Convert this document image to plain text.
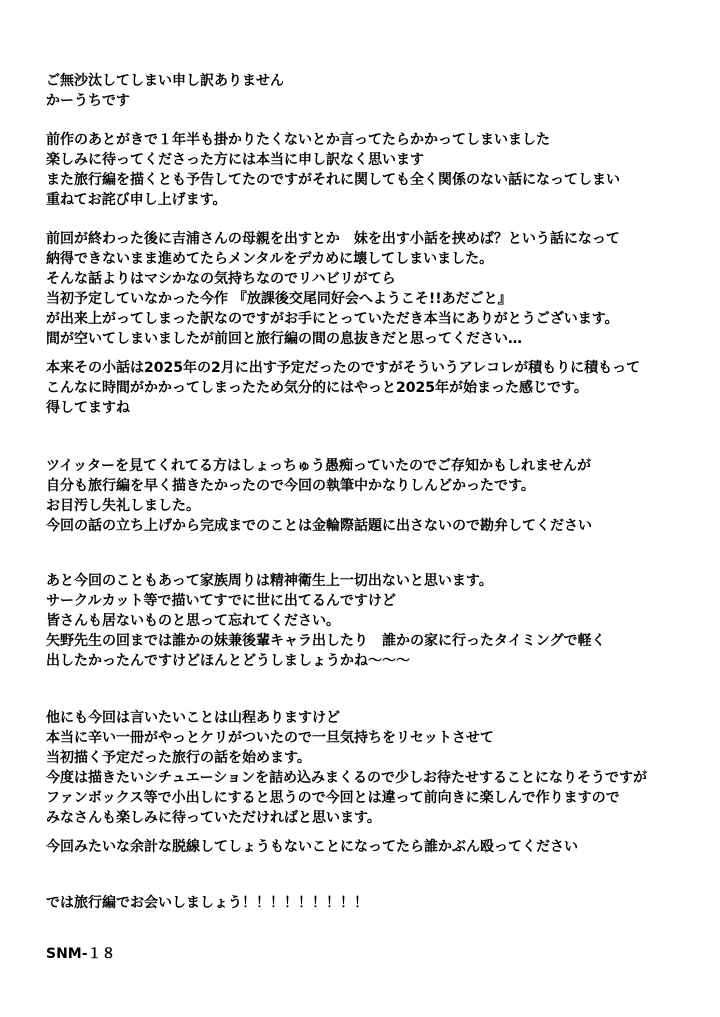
ご無沙汰してしまい申し訳ありません
かーうちです
前作のあとがきで１年半も掛かりたくないとか言ってたらかかってしまいました
楽しみに待ってくださった方には本当に申し訳なく思います
また旅行編を描くとも予告してたのですがそれに関しても全く関係のない話になってしまい
重ねてお詫び申し上げます。
前回が終わった後に吉浦さんの母親を出すとか　妹を出す小話を挟めば？という話になって
納得できないまま進めてたらメンタルをデカめに壊してしまいました。
そんな話よりはマシかなの気持ちなのでリハビリがてら
当初予定していなかった今作 『放課後交尾同好会へようこそ!!あだごと』
が出来上がってしまった訳なのですがお手にとっていただき本当にありがとうございます。
間が空いてしまいましたが前回と旅行編の間の息抜きだと思ってください…
本来その小話は2025年の2月に出す予定だったのですがそういうアレコレが積もりに積もって
こんなに時間がかかってしまったため気分的にはやっと2025年が始まった感じです。
得してますね
ツイッターを見てくれてる方はしょっちゅう愚痴っていたのでご存知かもしれませんが
自分も旅行編を早く描きたかったので今回の執筆中かなりしんどかったです。
お目汚し失礼しました。
今回の話の立ち上げから完成までのことは金輪際話題に出さないので勘弁してください
あと今回のこともあって家族周りは精神衛生上一切出ないと思います。
サークルカット等で描いてすでに世に出てるんですけど
皆さんも居ないものと思って忘れてください。
矢野先生の回までは誰かの妹兼後輩キャラ出したり　誰かの家に行ったタイミングで軽く
出したかったんですけどほんとどうしましょうかね〜〜〜
他にも今回は言いたいことは山程ありますけど
本当に辛い一冊がやっとケリがついたので一旦気持ちをリセットさせて
当初描く予定だった旅行の話を始めます。
今度は描きたいシチュエーションを詰め込みまくるので少しお待たせすることになりそうですが
ファンボックス等で小出しにすると思うので今回とは違って前向きに楽しんで作りますので
みなさんも楽しみに待っていただければと思います。
今回みたいな余計な脱線してしょうもないことになってたら誰かぶん殴ってください
では旅行編でお会いしましょう！！！！！！！！！
SNM-１８
